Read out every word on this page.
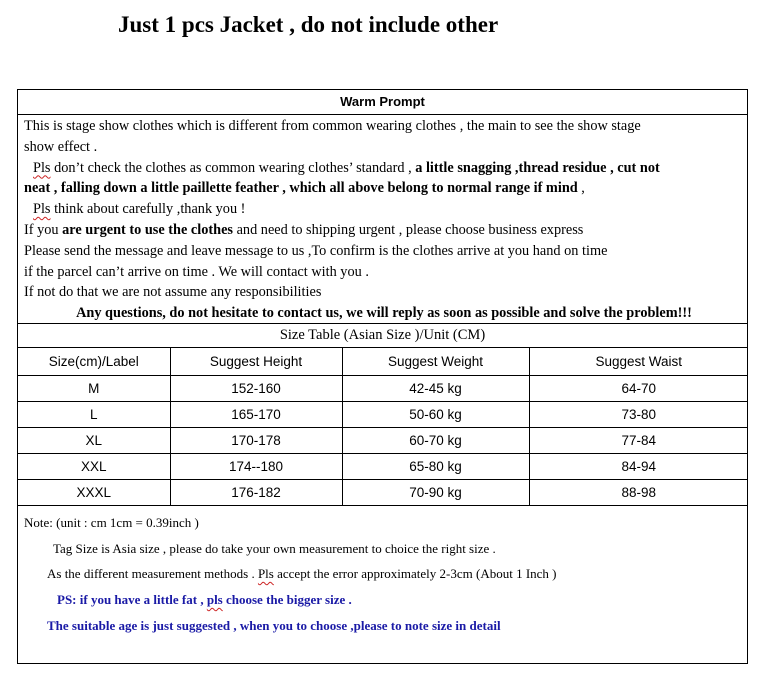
Just 1 pcs Jacket , do not include other
Warm Prompt
This is stage show clothes which is different from common wearing clothes , the main to see the show stage
show effect .
Pls don’t check the clothes as common wearing clothes’ standard , a little snagging ,thread residue , cut not
neat , falling down a little paillette feather , which all above belong to normal range if mind ,
Pls think about carefully ,thank you !
If you are urgent to use the clothes and need to shipping urgent , please choose business express
Please send the message and leave message to us ,To confirm is the clothes arrive at you hand on time
if the parcel can’t arrive on time . We will contact with you .
If not do that we are not assume any responsibilities
Any questions, do not hesitate to contact us, we will reply as soon as possible and solve the problem!!!
Size Table (Asian Size )/Unit (CM)
Size(cm)/Label	Suggest Height	Suggest Weight	Suggest Waist
M	152-160	42-45 kg	64-70
L	165-170	50-60 kg	73-80
XL	170-178	60-70 kg	77-84
XXL	174--180	65-80 kg	84-94
XXXL	176-182	70-90 kg	88-98
Note: (unit : cm 1cm = 0.39inch )
Tag Size is Asia size , please do take your own measurement to choice the right size .
As the different measurement methods . Pls accept the error approximately 2-3cm (About 1 Inch )
PS: if you have a little fat , pls choose the bigger size .
The suitable age is just suggested , when you to choose ,please to note size in detail
